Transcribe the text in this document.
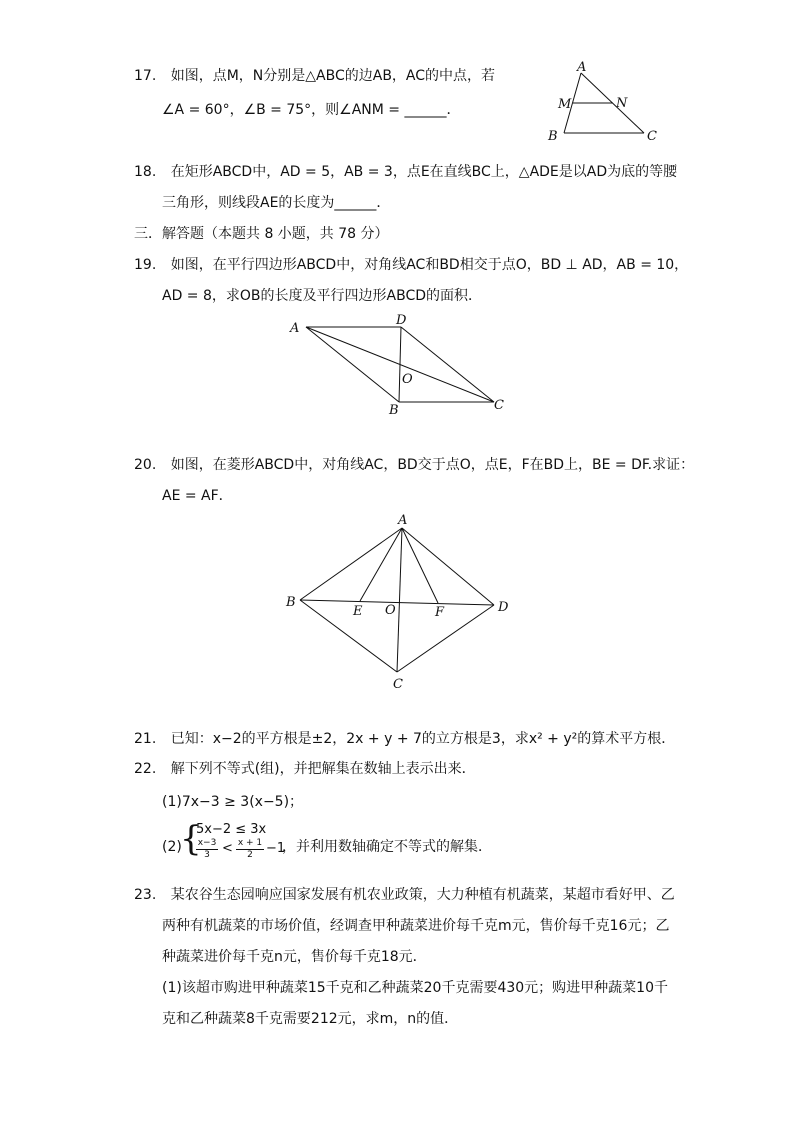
17. 如图，点M，N分别是△ABC的边AB，AC的中点，若
∠A = 60°，∠B = 75°，则∠ANM = ______．
A
M	N
B	C
18. 在矩形ABCD中，AD = 5，AB = 3，点E在直线BC上，△ADE是以AD为底的等腰
三角形，则线段AE的长度为______．
三．解答题（本题共 8 小题，共 78 分）
19. 如图，在平行四边形ABCD中，对角线AC和BD相交于点O，BD ⊥ AD，AB = 10，
AD = 8，求OB的长度及平行四边形ABCD的面积．
A
D
O
B	C
20. 如图，在菱形ABCD中，对角线AC，BD交于点O，点E，F在BD上，BE = DF.求证：
AE = AF．
A
B
E O	F	D
C
21. 已知：x−2的平方根是±2，2x + y + 7的立方根是3，求x² + y²的算术平方根．
22. 解下列不等式(组)，并把解集在数轴上表示出来．
(1)7x−3 ≥ 3(x−5)；
(2)
{
5x−2 ≤ 3x
x−3
3 < x + 1
2	−1
，并利用数轴确定不等式的解集．
23. 某农谷生态园响应国家发展有机农业政策，大力种植有机蔬菜，某超市看好甲、乙
两种有机蔬菜的市场价值，经调查甲种蔬菜进价每千克m元，售价每千克16元；乙
种蔬菜进价每千克n元，售价每千克18元．
(1)该超市购进甲种蔬菜15千克和乙种蔬菜20千克需要430元；购进甲种蔬菜10千
克和乙种蔬菜8千克需要212元，求m，n的值．
